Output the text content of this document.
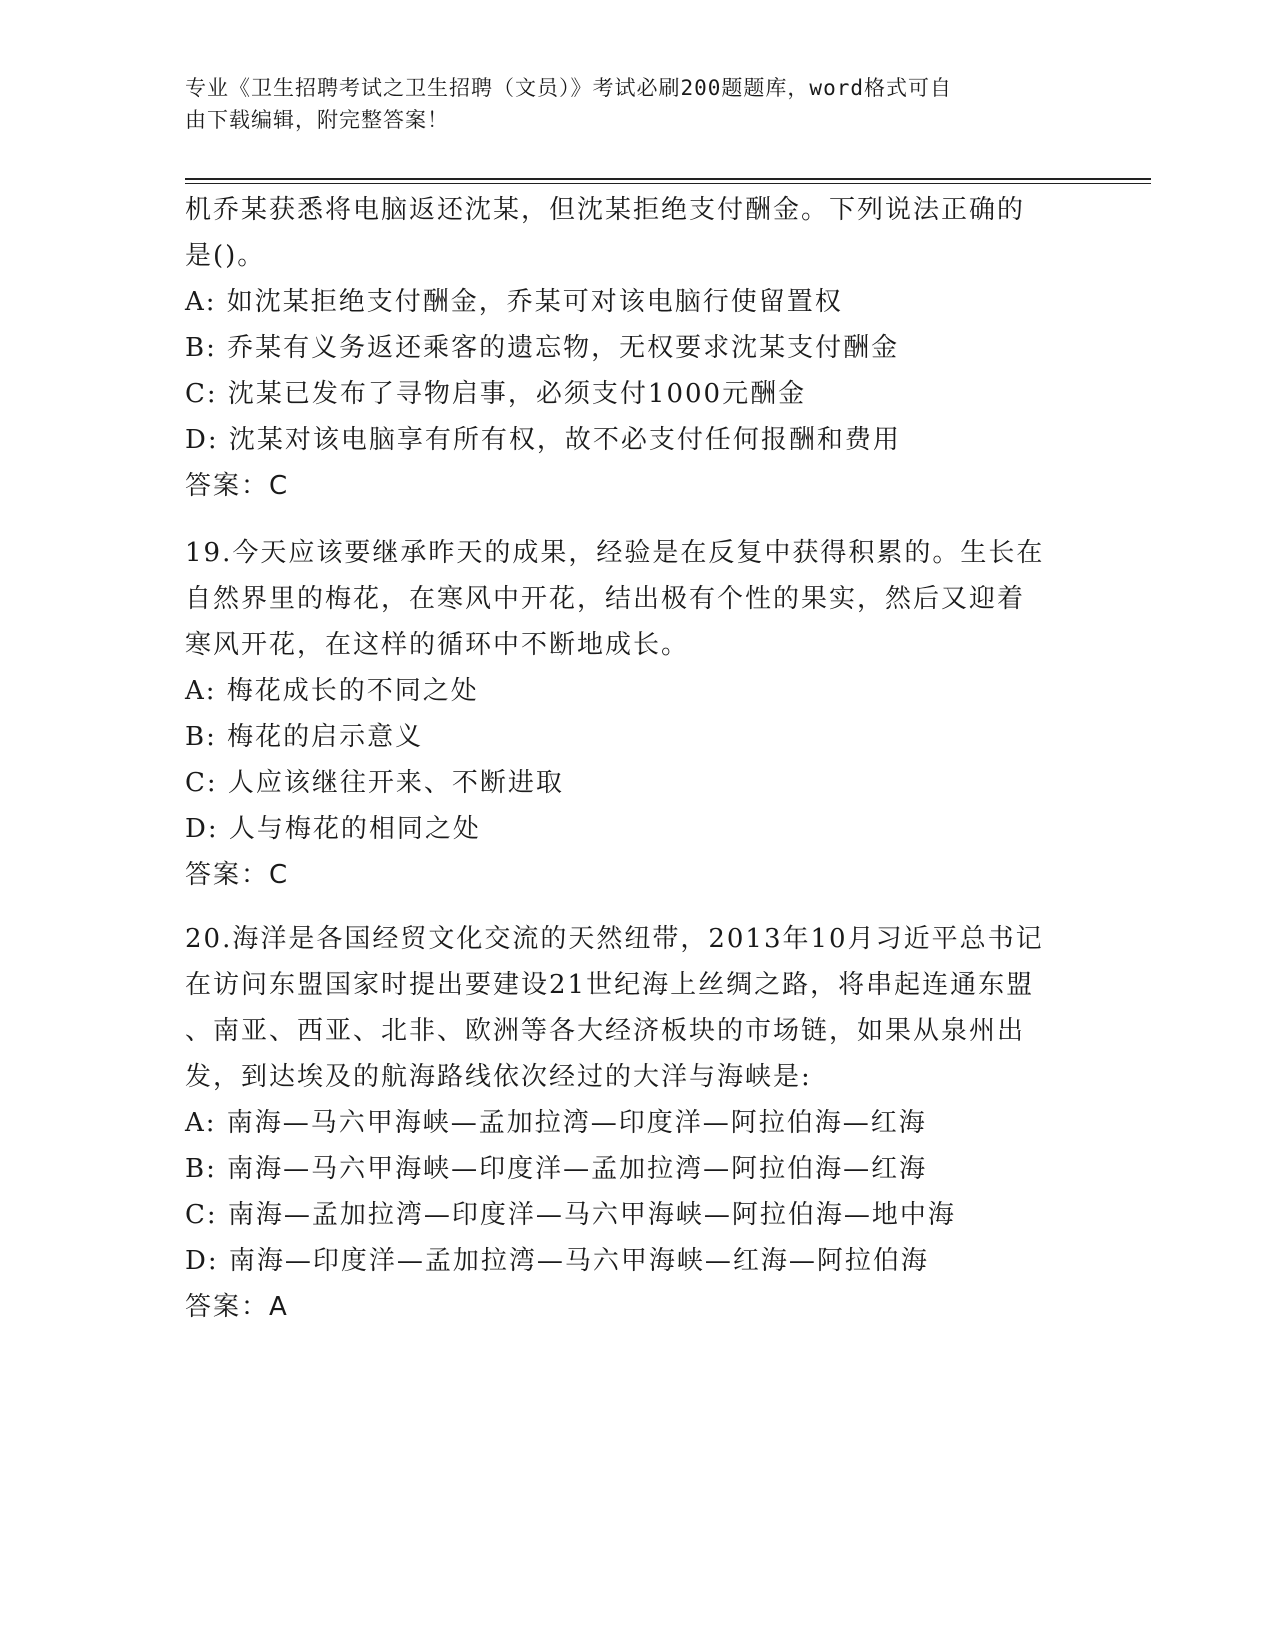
专业《卫生招聘考试之卫生招聘（文员）》考试必刷200题题库，word格式可自
由下载编辑，附完整答案！
机乔某获悉将电脑返还沈某，但沈某拒绝支付酬金。下列说法正确的
是()。
A: 如沈某拒绝支付酬金，乔某可对该电脑行使留置权
B: 乔某有义务返还乘客的遗忘物，无权要求沈某支付酬金
C: 沈某已发布了寻物启事，必须支付1000元酬金
D: 沈某对该电脑享有所有权，故不必支付任何报酬和费用
答案：C
19.今天应该要继承昨天的成果，经验是在反复中获得积累的。生长在
自然界里的梅花，在寒风中开花，结出极有个性的果实，然后又迎着
寒风开花，在这样的循环中不断地成长。
A: 梅花成长的不同之处
B: 梅花的启示意义
C: 人应该继往开来、不断进取
D: 人与梅花的相同之处
答案：C
20.海洋是各国经贸文化交流的天然纽带，2013年10月习近平总书记
在访问东盟国家时提出要建设21世纪海上丝绸之路，将串起连通东盟
、南亚、西亚、北非、欧洲等各大经济板块的市场链，如果从泉州出
发，到达埃及的航海路线依次经过的大洋与海峡是:
A: 南海—马六甲海峡—孟加拉湾—印度洋—阿拉伯海—红海
B: 南海—马六甲海峡—印度洋—孟加拉湾—阿拉伯海—红海
C: 南海—孟加拉湾—印度洋—马六甲海峡—阿拉伯海—地中海
D: 南海—印度洋—孟加拉湾—马六甲海峡—红海—阿拉伯海
答案：A
